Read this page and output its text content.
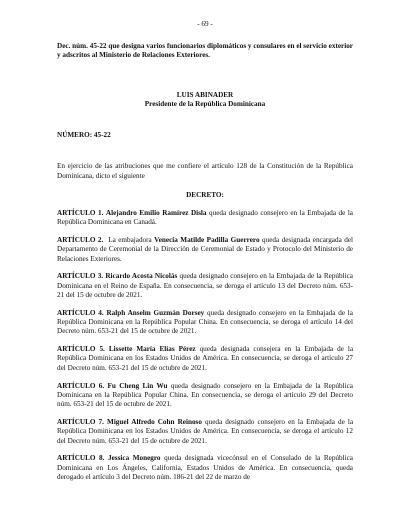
- 69 -

Dec. núm. 45-22 que designa varios funcionarios diplomáticos y consulares en el servicio exterior y adscritos al Ministerio de Relaciones Exteriores.

LUIS ABINADER

Presidente de la República Dominicana

NÚMERO: 45-22

En ejercicio de las atribuciones que me confiere el artículo 128 de la Constitución de la República Dominicana, dicto el siguiente

DECRETO:

ARTÍCULO 1. Alejandro Emilio Ramírez Disla queda designado consejero en la Embajada de la República Dominicana en Canadá.

ARTÍCULO 2. La embajadora Venecia Matilde Padilla Guerrero queda designada encargada del Departamento de Ceremonial de la Dirección de Ceremonial de Estado y Protocolo del Ministerio de Relaciones Exteriores.

ARTÍCULO 3. Ricardo Acosta Nicolás queda designado consejero en la Embajada de la República Dominicana en el Reino de España. En consecuencia, se deroga el artículo 13 del Decreto núm. 653-21 del 15 de octubre de 2021.

ARTÍCULO 4. Ralph Anselm Guzmán Dorsey queda designado consejero en la Embajada de la República Dominicana en la República Popular China. En consecuencia, se deroga el artículo 14 del Decreto núm. 653-21 del 15 de octubre de 2021.

ARTÍCULO 5. Lissette María Elías Pérez queda designada consejera en la Embajada de la República Dominicana en los Estados Unidos de América. En consecuencia, se deroga el artículo 27 del Decreto núm. 653-21 del 15 de octubre de 2021.

ARTÍCULO 6. Fu Cheng Lin Wu queda designado consejero en la Embajada de la República Dominicana en la República Popular China. En consecuencia, se deroga el artículo 29 del Decreto núm. 653-21 del 15 de octubre de 2021.

ARTÍCULO 7. Miguel Alfredo Cohn Reinoso queda designado consejero en la Embajada de la República Dominicana en los Estados Unidos de América. En consecuencia, se deroga el artículo 12 del Decreto núm. 653-21 del 15 de octubre de 2021.

ARTÍCULO 8. Jessica Monegro queda designada vicecónsul en el Consulado de la República Dominicana en Los Ángeles, California, Estados Unidos de América. En consecuencia, queda derogado el artículo 3 del Decreto núm. 186-21 del 22 de marzo de
